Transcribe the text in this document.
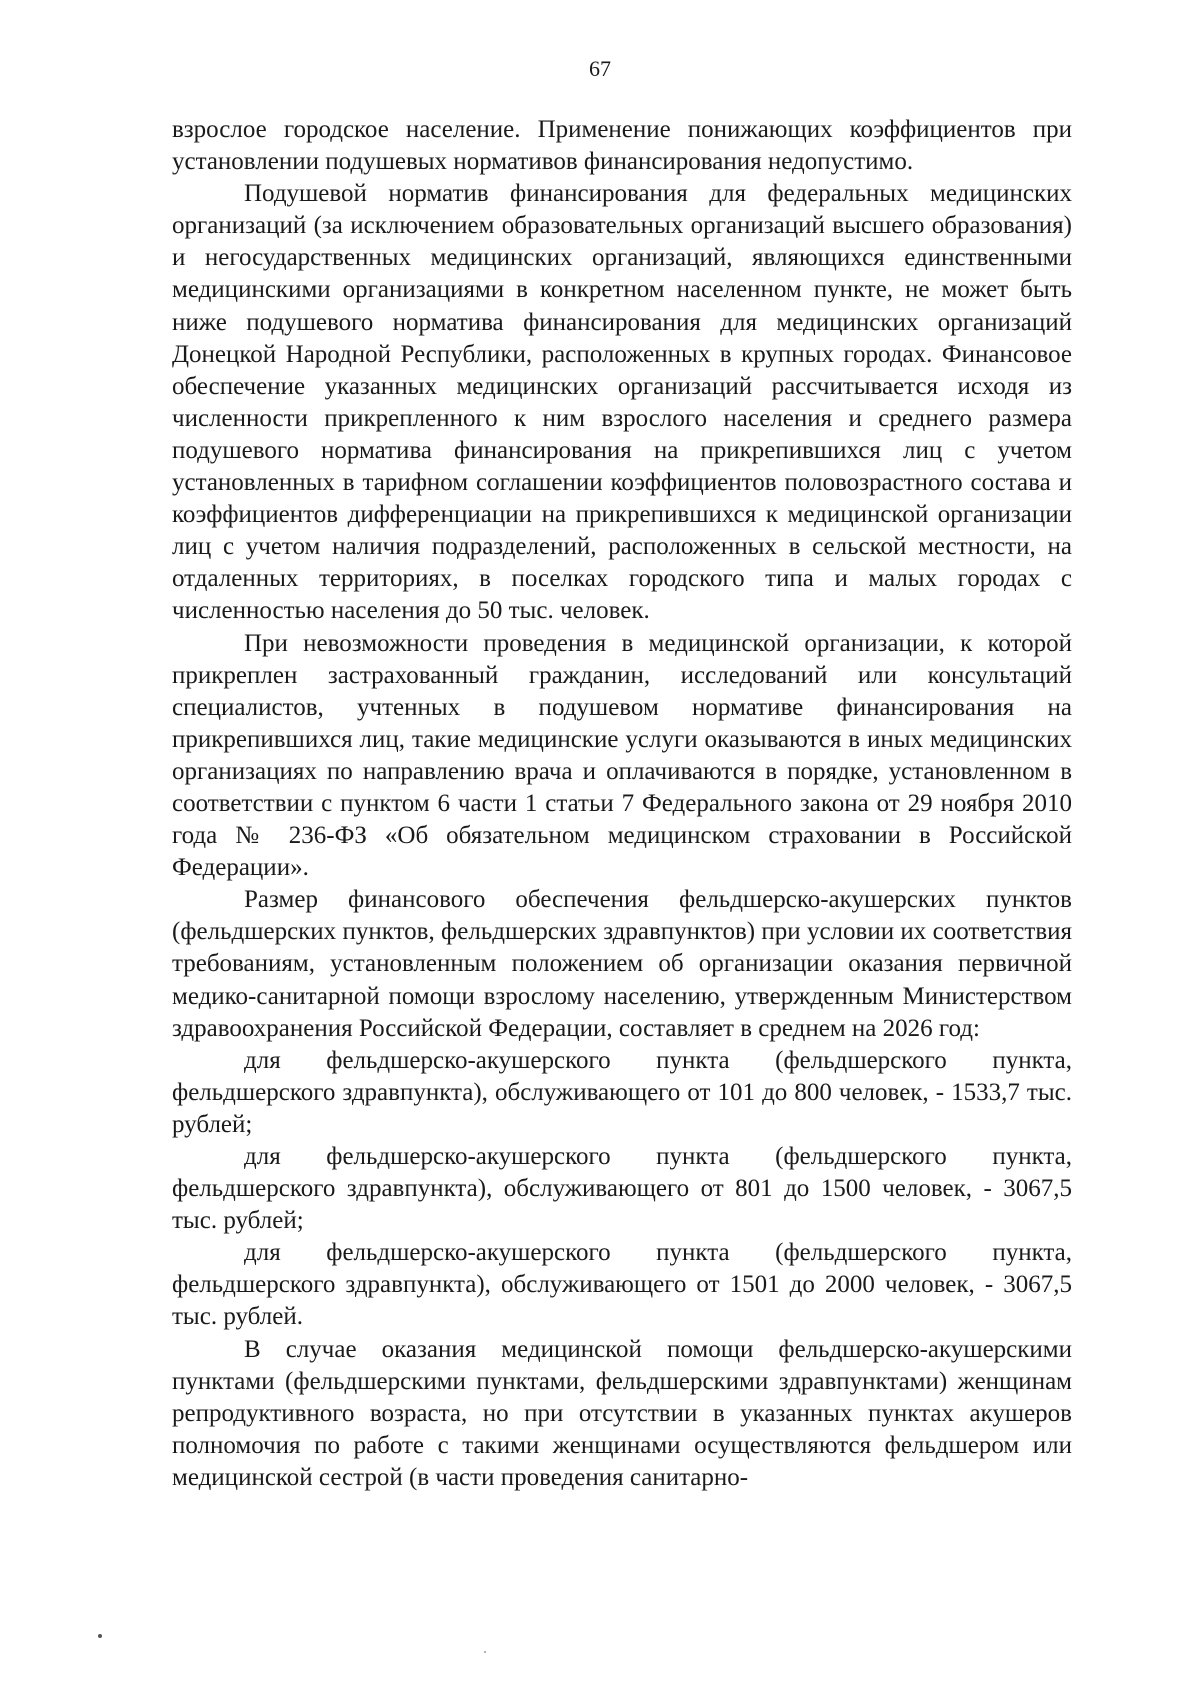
67

взрослое городское население. Применение понижающих коэффициентов при установлении подушевых нормативов финансирования недопустимо.

Подушевой норматив финансирования для федеральных медицинских организаций (за исключением образовательных организаций высшего образования) и негосударственных медицинских организаций, являющихся единственными медицинскими организациями в конкретном населенном пункте, не может быть ниже подушевого норматива финансирования для медицинских организаций Донецкой Народной Республики, расположенных в крупных городах. Финансовое обеспечение указанных медицинских организаций рассчитывается исходя из численности прикрепленного к ним взрослого населения и среднего размера подушевого норматива финансирования на прикрепившихся лиц с учетом установленных в тарифном соглашении коэффициентов половозрастного состава и коэффициентов дифференциации на прикрепившихся к медицинской организации лиц с учетом наличия подразделений, расположенных в сельской местности, на отдаленных территориях, в поселках городского типа и малых городах с численностью населения до 50 тыс. человек.

При невозможности проведения в медицинской организации, к которой прикреплен застрахованный гражданин, исследований или консультаций специалистов, учтенных в подушевом нормативе финансирования на прикрепившихся лиц, такие медицинские услуги оказываются в иных медицинских организациях по направлению врача и оплачиваются в порядке, установленном в соответствии с пунктом 6 части 1 статьи 7 Федерального закона от 29 ноября 2010 года № 236-ФЗ «Об обязательном медицинском страховании в Российской Федерации».

Размер финансового обеспечения фельдшерско-акушерских пунктов (фельдшерских пунктов, фельдшерских здравпунктов) при условии их соответствия требованиям, установленным положением об организации оказания первичной медико-санитарной помощи взрослому населению, утвержденным Министерством здравоохранения Российской Федерации, составляет в среднем на 2026 год:

для фельдшерско-акушерского пункта (фельдшерского пункта, фельдшерского здравпункта), обслуживающего от 101 до 800 человек, - 1533,7 тыс. рублей;

для фельдшерско-акушерского пункта (фельдшерского пункта, фельдшерского здравпункта), обслуживающего от 801 до 1500 человек, - 3067,5 тыс. рублей;

для фельдшерско-акушерского пункта (фельдшерского пункта, фельдшерского здравпункта), обслуживающего от 1501 до 2000 человек, - 3067,5 тыс. рублей.

В случае оказания медицинской помощи фельдшерско-акушерскими пунктами (фельдшерскими пунктами, фельдшерскими здравпунктами) женщинам репродуктивного возраста, но при отсутствии в указанных пунктах акушеров полномочия по работе с такими женщинами осуществляются фельдшером или медицинской сестрой (в части проведения санитарно-
